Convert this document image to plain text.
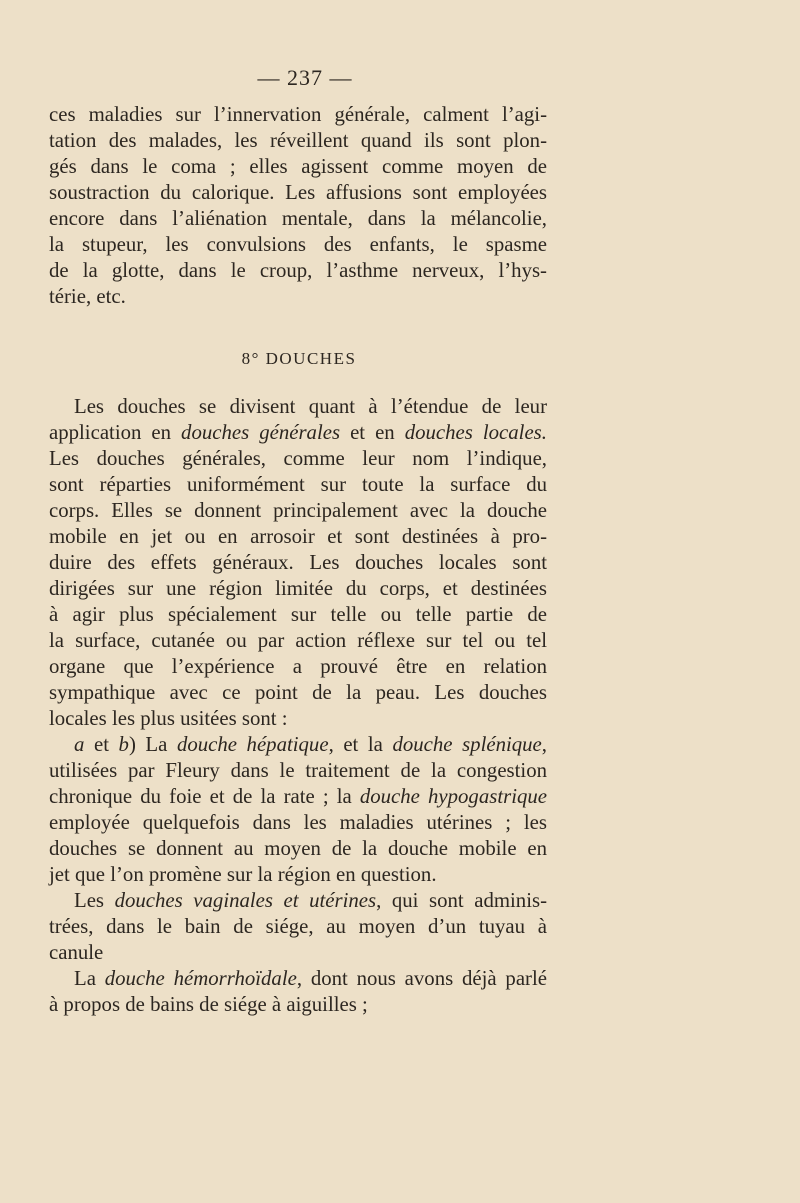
— 237 —
ces maladies sur l’innervation générale, calment l’agi-
tation des malades, les réveillent quand ils sont plon-
gés dans le coma ; elles agissent comme moyen de
soustraction du calorique. Les affusions sont employées
encore dans l’aliénation mentale, dans la mélancolie,
la stupeur, les convulsions des enfants, le spasme
de la glotte, dans le croup, l’asthme nerveux, l’hys-
térie, etc.
8° DOUCHES
Les douches se divisent quant à l’étendue de leur
application en douches générales et en douches locales.
Les douches générales, comme leur nom l’indique,
sont réparties uniformément sur toute la surface du
corps. Elles se donnent principalement avec la douche
mobile en jet ou en arrosoir et sont destinées à pro-
duire des effets généraux. Les douches locales sont
dirigées sur une région limitée du corps, et destinées
à agir plus spécialement sur telle ou telle partie de
la surface, cutanée ou par action réflexe sur tel ou tel
organe que l’expérience a prouvé être en relation
sympathique avec ce point de la peau. Les douches
locales les plus usitées sont :
a et b) La douche hépatique, et la douche splénique,
utilisées par Fleury dans le traitement de la congestion
chronique du foie et de la rate ; la douche hypogastrique
employée quelquefois dans les maladies utérines ; les
douches se donnent au moyen de la douche mobile en
jet que l’on promène sur la région en question.
Les douches vaginales et utérines, qui sont adminis-
trées, dans le bain de siége, au moyen d’un tuyau à
canule
La douche hémorrhoïdale, dont nous avons déjà parlé
à propos de bains de siége à aiguilles ;
